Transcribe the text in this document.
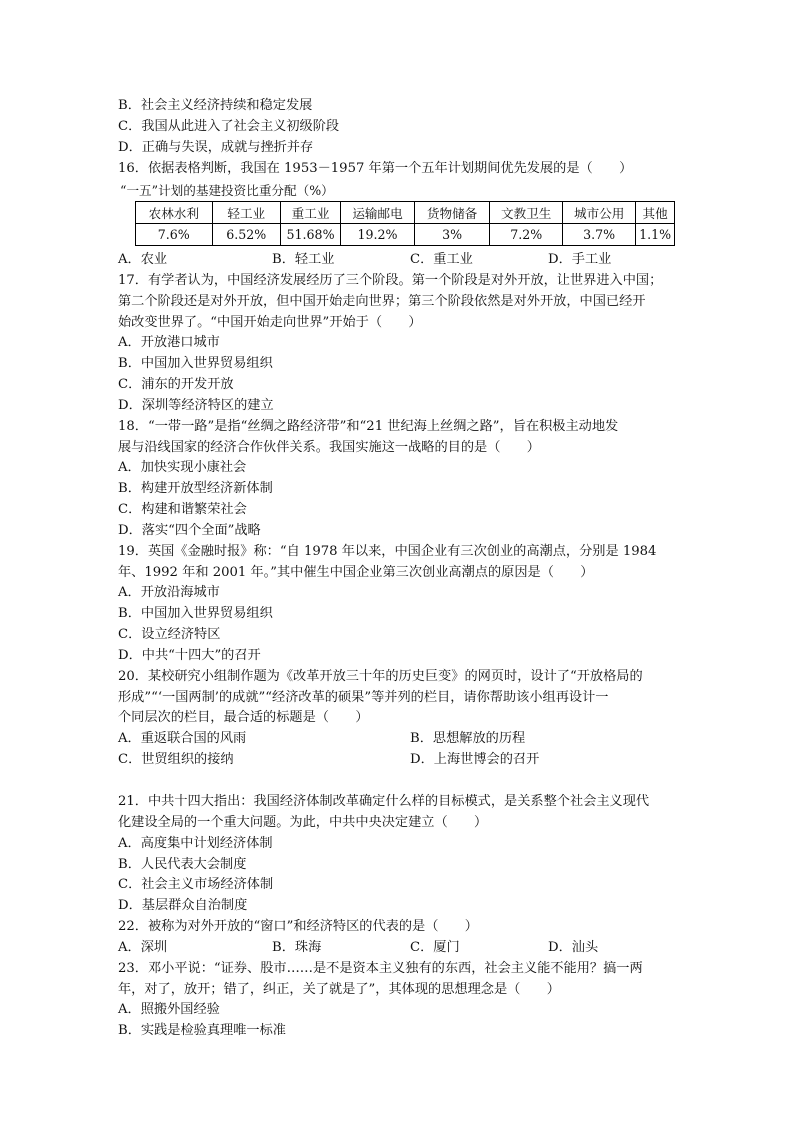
B．社会主义经济持续和稳定发展
C．我国从此进入了社会主义初级阶段
D．正确与失误，成就与挫折并存
16．依据表格判断，我国在 1953－1957 年第一个五年计划期间优先发展的是（　　）
“一五”计划的基建投资比重分配（%）
农林水利	轻工业	重工业	运输邮电	货物储备	文教卫生	城市公用	其他
7.6%	6.52%	51.68%	19.2%	3%	7.2%	3.7%	1.1%
A．农业	B．轻工业	C．重工业	D．手工业
17．有学者认为，中国经济发展经历了三个阶段。第一个阶段是对外开放，让世界进入中国；
第二个阶段还是对外开放，但中国开始走向世界；第三个阶段依然是对外开放，中国已经开
始改变世界了。“中国开始走向世界”开始于（　　）
A．开放港口城市
B．中国加入世界贸易组织
C．浦东的开发开放
D．深圳等经济特区的建立
18．“一带一路”是指“丝绸之路经济带”和“21 世纪海上丝绸之路”，旨在积极主动地发
展与沿线国家的经济合作伙伴关系。我国实施这一战略的目的是（　　）
A．加快实现小康社会
B．构建开放型经济新体制
C．构建和谐繁荣社会
D．落实“四个全面”战略
19．英国《金融时报》称：“自 1978 年以来，中国企业有三次创业的高潮点，分别是 1984
年、1992 年和 2001 年。”其中催生中国企业第三次创业高潮点的原因是（　　）
A．开放沿海城市
B．中国加入世界贸易组织
C．设立经济特区
D．中共“十四大”的召开
20．某校研究小组制作题为《改革开放三十年的历史巨变》的网页时，设计了“开放格局的
形成”“‘一国两制’的成就”“经济改革的硕果”等并列的栏目，请你帮助该小组再设计一
个同层次的栏目，最合适的标题是（　　）
A．重返联合国的风雨	B．思想解放的历程
C．世贸组织的接纳	D．上海世博会的召开
21．中共十四大指出：我国经济体制改革确定什么样的目标模式，是关系整个社会主义现代
化建设全局的一个重大问题。为此，中共中央决定建立（　　）
A．高度集中计划经济体制
B．人民代表大会制度
C．社会主义市场经济体制
D．基层群众自治制度
22．被称为对外开放的“窗口”和经济特区的代表的是（　　）
A．深圳	B．珠海	C．厦门	D．汕头
23．邓小平说：“证券、股市……是不是资本主义独有的东西，社会主义能不能用？搞一两
年，对了，放开；错了，纠正，关了就是了”，其体现的思想理念是（　　）
A．照搬外国经验
B．实践是检验真理唯一标准
